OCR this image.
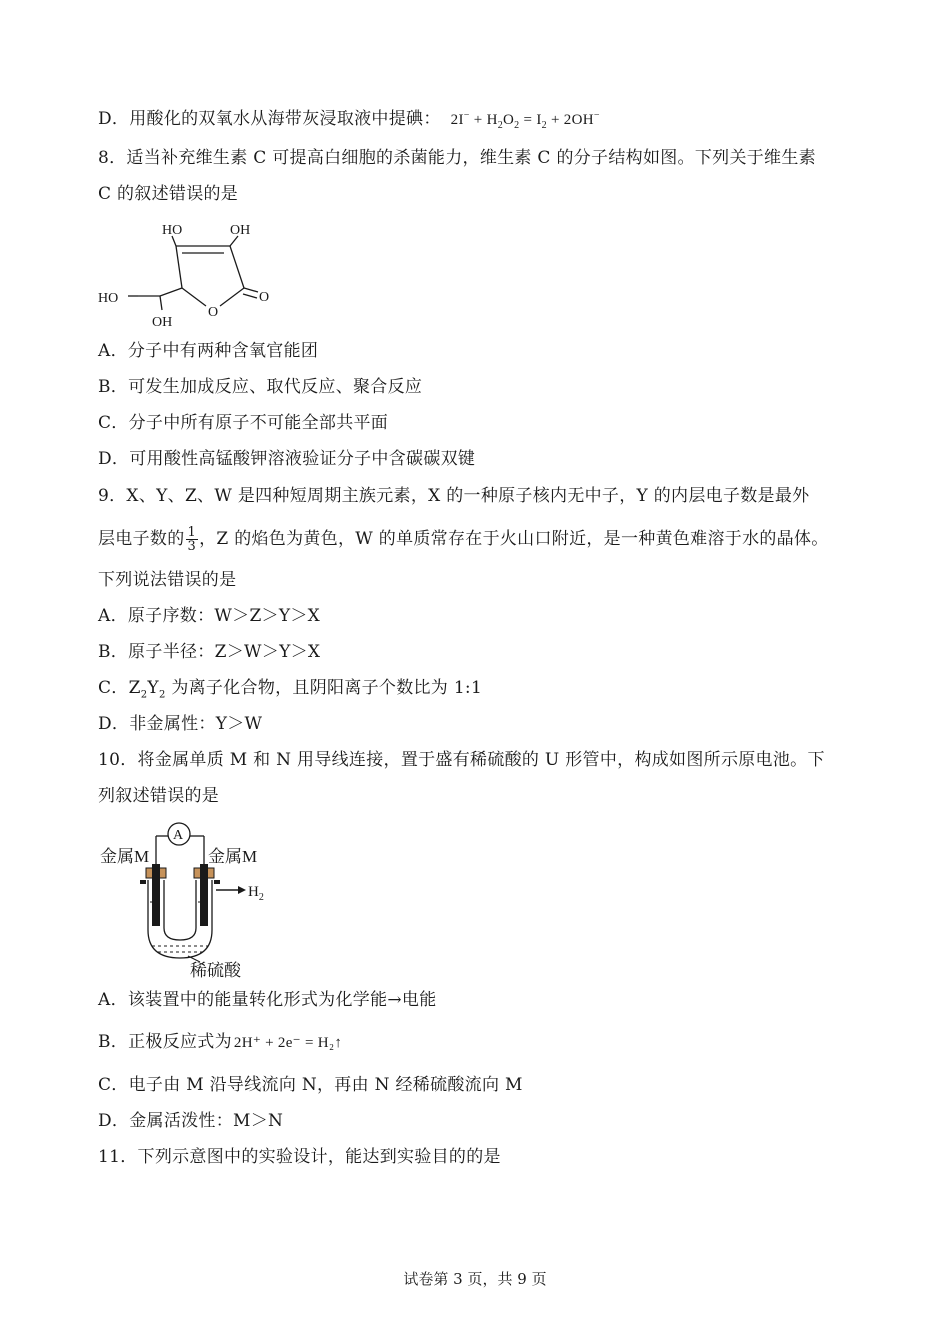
D．用酸化的双氧水从海带灰浸取液中提碘： $2I^- + H_2O_2 = I_2 + 2OH^-$
8．适当补充维生素 C 可提高白细胞的杀菌能力，维生素 C 的分子结构如图。下列关于维生素
C 的叙述错误的是
HO	OH
HO
OH
O
O
A．分子中有两种含氧官能团
B．可发生加成反应、取代反应、聚合反应
C．分子中所有原子不可能全部共平面
D．可用酸性高锰酸钾溶液验证分子中含碳碳双键
9．X、Y、Z、W 是四种短周期主族元素，X 的一种原子核内无中子，Y 的内层电子数是最外
层电子数的 $\frac{1}{3}$ ，Z 的焰色为黄色，W 的单质常存在于火山口附近，是一种黄色难溶于水的晶体。
下列说法错误的是
A．原子序数：W＞Z＞Y＞X
B．原子半径：Z＞W＞Y＞X
C．$Z_2Y_2$ 为离子化合物，且阴阳离子个数比为 1:1
D．非金属性：Y＞W
10．将金属单质 M 和 N 用导线连接，置于盛有稀硫酸的 U 形管中，构成如图所示原电池。下
列叙述错误的是
A
$H_2$
金属M	金属M
稀硫酸
A．该装置中的能量转化形式为化学能→电能
B．正极反应式为 2H⁺ + 2e⁻ = H₂↑
C．电子由 M 沿导线流向 N，再由 N 经稀硫酸流向 M
D．金属活泼性：M＞N
11．下列示意图中的实验设计，能达到实验目的的是
试卷第 3 页，共 9 页
